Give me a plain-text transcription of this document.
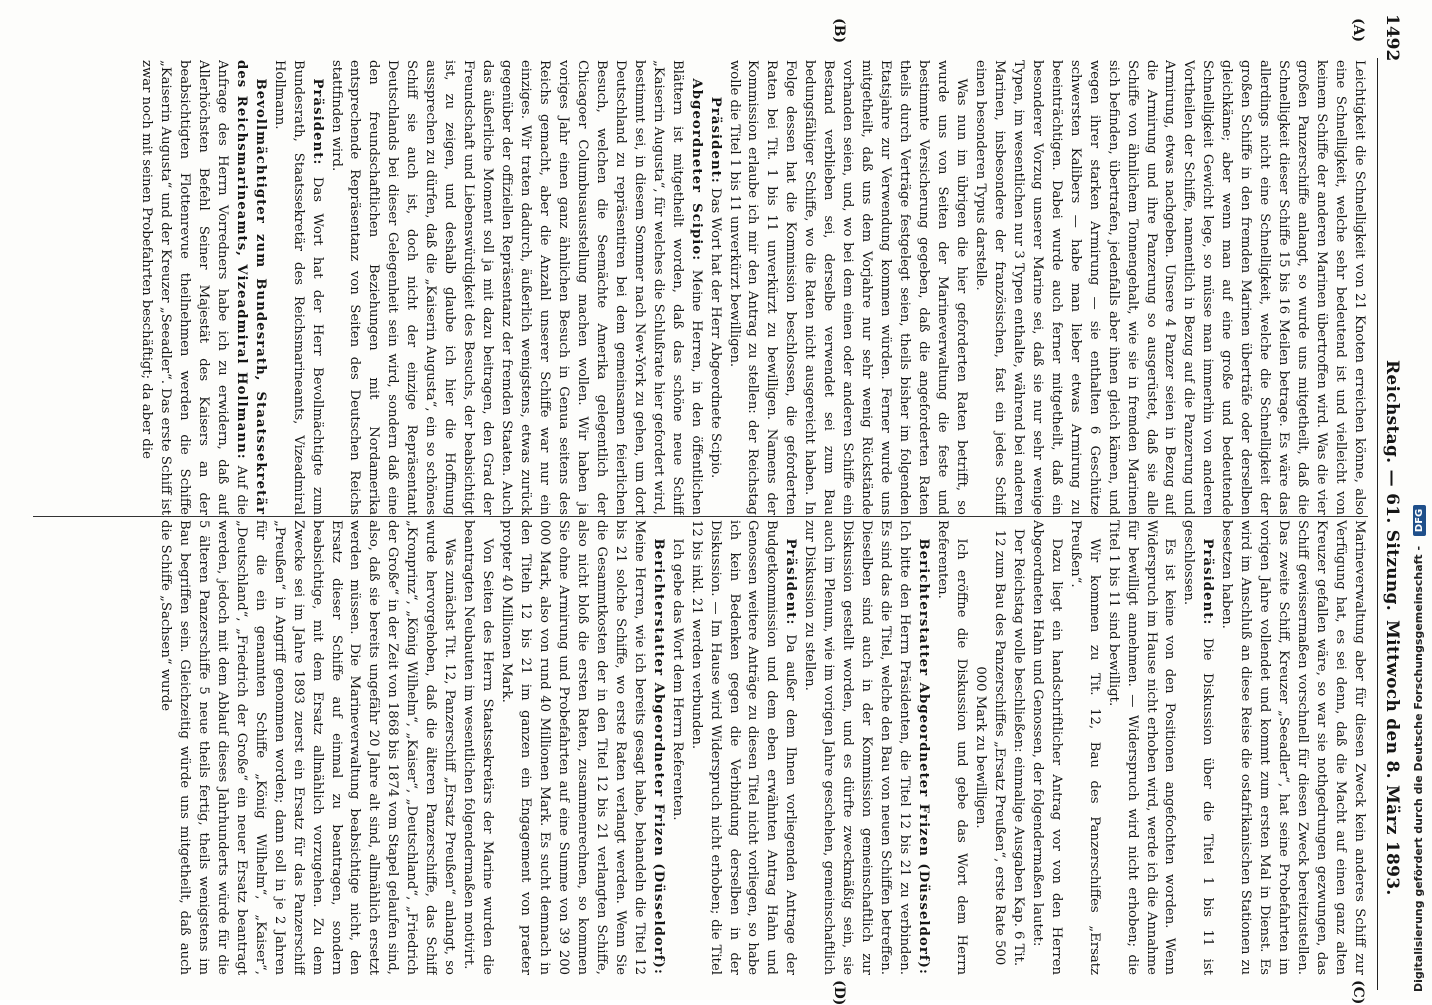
1492
Reichstag. — 61. Sitzung.
Mittwoch den 8. März 1893.
(A)
(B)
(C)
(D)

Leichtigkeit die Schnelligkeit von 21 Knoten erreichen könne, also eine Schnelligkeit, welche sehr bedeutend ist und vielleicht von keinem Schiffe der anderen Marinen übertroffen wird. Was die vier großen Panzerschiffe anlangt, so wurde uns mitgetheilt, daß die Schnelligkeit dieser Schiffe 15 bis 16 Meilen betrage. Es wäre das allerdings nicht eine Schnelligkeit, welche die Schnelligkeit der großen Schiffe in den fremden Marinen überträfe oder derselben gleichkäme; aber wenn man auf eine große und bedeutende Schnelligkeit Gewicht lege, so müsse man immerhin von anderen Vortheilen der Schiffe, namentlich in Bezug auf die Panzerung und Armirung, etwas nachgeben. Unsere 4 Panzer seien in Bezug auf die Armirung und ihre Panzerung so ausgerüstet, daß sie alle Schiffe von ähnlichem Tonnengehalt, wie sie in fremden Marinen sich befinden, übertrafen, jedenfalls aber ihnen gleich kämen, und wegen ihrer starken Armirung — sie enthalten 6 Geschütze schwersten Kalibers — habe man lieber etwas Armirung zu beeinträchtigen. Dabei wurde auch ferner mitgetheilt, daß ein besonderer Vorzug unserer Marine sei, daß sie nur sehr wenige Typen, im wesentlichen nur 3 Typen enthalte, während bei anderen Marinen, insbesondere der französischen, fast ein jedes Schiff einen besonderen Typus darstelle.

Was nun im übrigen die hier geforderten Raten betrifft, so wurde uns von Seiten der Marineverwaltung die feste und bestimmte Versicherung gegeben, daß die angeforderten Raten theils durch Verträge festgelegt seien, theils bisher im folgenden Etatsjahre zur Verwendung kommen würden. Ferner wurde uns mitgetheilt, daß uns dem Vorjahre nur sehr wenig Rückstände vorhanden seien, und, wo bei dem einen oder anderen Schiffe ein Bestand verblieben sei, derselbe verwendet sei zum Bau bedungsfähiger Schiffe, wo die Raten nicht ausgereicht haben. In Folge dessen hat die Kommission beschlossen, die geforderten Raten bei Tit. 1 bis 11 unverkürzt zu bewilligen. Namens der Kommission erlaube ich mir den Antrag zu stellen: der Reichstag wolle die Titel 1 bis 11 unverkürzt bewilligen.

Präsident: Das Wort hat der Herr Abgeordnete Scipio.

Abgeordneter Scipio: Meine Herren, in den öffentlichen Blättern ist mitgetheilt worden, daß das schöne neue Schiff „Kaiserin Augusta“, für welches die Schlußrate hier gefordert wird, bestimmt sei, in diesem Sommer nach New-York zu gehen, um dort Deutschland zu repräsentiren bei dem gemeinsamen feierlichen Besuch, welchen die Seemächte Amerika gelegentlich der Chicagoer Columbusausstellung machen wollen. Wir haben ja voriges Jahr einen ganz ähnlichen Besuch in Genua seitens des Reichs gemacht, aber die Anzahl unserer Schiffe war nur ein einziges. Wir traten dadurch, äußerlich wenigstens, etwas zurück gegenüber der offiziellen Repräsentanz der fremden Staaten. Auch das äußerliche Moment soll ja mit dazu beitragen, den Grad der Freundschaft und Liebenswürdigkeit des Besuchs, der beabsichtigt ist, zu zeigen, und deshalb glaube ich hier die Hoffnung aussprechen zu dürfen, daß die „Kaiserin Augusta“, ein so schönes Schiff sie auch ist, doch nicht der einzige Repräsentant Deutschlands bei dieser Gelegenheit sein wird, sondern daß eine den freundschaftlichen Beziehungen mit Nordamerika entsprechende Repräsentanz von Seiten des Deutschen Reichs stattfinden wird.

Präsident: Das Wort hat der Herr Bevollmächtigte zum Bundesrath, Staatssekretär des Reichsmarineamts, Vizeadmiral Hollmann.

Bevollmächtigter zum Bundesrath, Staatssekretär des Reichsmarineamts, Vizeadmiral Hollmann: Auf die Anfrage des Herrn Vorredners habe ich zu erwidern, daß auf Allerhöchsten Befehl Seiner Majestät des Kaisers an der beabsichtigten Flottenrevue theilnehmen werden die Schiffe „Kaiserin Augusta“ und der Kreuzer „Seeadler“. Das erste Schiff ist zwar noch mit seinen Probefahrten beschäftigt; da aber die

Marineverwaltung aber für diesen Zweck kein anderes Schiff zur Verfügung hat, es sei denn, daß die Macht auf einen ganz alten Kreuzer gefallen wäre, so war sie nothgedrungen gezwungen, das Schiff gewissermaßen vorschnell für diesen Zweck bereitzustellen. Das zweite Schiff, Kreuzer „Seeadler“, hat seine Probefahrten im vorigen Jahre vollendet und kommt zum ersten Mal in Dienst. Es wird im Anschluß an diese Reise die ostafrikanischen Stationen zu besetzen haben.

Präsident: Die Diskussion über die Titel 1 bis 11 ist geschlossen.

Es ist keine von den Positionen angefochten worden. Wenn Widerspruch im Hause nicht erhoben wird, werde ich die Annahme für bewilligt annehmen. — Widerspruch wird nicht erhoben; die Titel 1 bis 11 sind bewilligt.

Wir kommen zu Tit. 12, Bau des Panzerschiffes „Ersatz Preußen“.

Dazu liegt ein handschriftlicher Antrag vor von den Herren Abgeordneten Hahn und Genossen, der folgendermaßen lautet:

Der Reichstag wolle beschließen: einmalige Ausgaben Kap. 6 Tit. 12 zum Bau des Panzerschiffes „Ersatz Preußen“, erste Rate 500 000 Mark zu bewilligen.

Ich eröffne die Diskussion und gebe das Wort dem Herrn Referenten.

Berichterstatter Abgeordneter Frizen (Düsseldorf): Ich bitte den Herrn Präsidenten, die Titel 12 bis 21 zu verbinden. Es sind das die Titel, welche den Bau von neuen Schiffen betreffen. Dieselben sind auch in der Kommission gemeinschaftlich zur Diskussion gestellt worden, und es dürfte zweckmäßig sein, sie auch im Plenum, wie im vorigen Jahre geschehen, gemeinschaftlich zur Diskussion zu stellen.

Präsident: Da außer dem Ihnen vorliegenden Antrage der Budgetkommission und dem eben erwähnten Antrag Hahn und Genossen weitere Anträge zu diesen Titel nicht vorliegen, so habe ich kein Bedenken gegen die Verbindung derselben in der Diskussion. — Im Hause wird Widerspruch nicht erhoben; die Titel 12 bis inkl. 21 werden verbunden.

Ich gebe das Wort dem Herrn Referenten.

Berichterstatter Abgeordneter Frizen (Düsseldorf): Meine Herren, wie ich bereits gesagt habe, behandeln die Titel 12 bis 21 solche Schiffe, wo erste Raten verlangt werden. Wenn Sie die Gesammtkosten der in den Titel 12 bis 21 verlangten Schiffe, also nicht bloß die ersten Raten, zusammenrechnen, so kommen Sie ohne Armirung und Probefahrten auf eine Summe von 39 200 000 Mark, also von rund 40 Millionen Mark. Es sucht demnach in den Titeln 12 bis 21 im ganzen ein Engagement von praeter propter 40 Millionen Mark.

Von Seiten des Herrn Staatssekretärs der Marine wurden die beantragten Neubauten im wesentlichen folgendermaßen motivirt.

Was zunächst Tit. 12, Panzerschiff „Ersatz Preußen“ anlangt, so wurde hervorgehoben, daß die älteren Panzerschiffe, das Schiff „Kronprinz“, „König Wilhelm“, „Kaiser“, „Deutschland“, „Friedrich der Große“ in der Zeit von 1868 bis 1874 vom Stapel gelaufen sind, also, daß sie bereits ungefähr 20 Jahre alt sind, allmählich ersetzt werden müssen. Die Marineverwaltung beabsichtige nicht, den Ersatz dieser Schiffe auf einmal zu beantragen, sondern beabsichtige, mit dem Ersatz allmählich vorzugehen. Zu dem Zwecke sei im Jahre 1893 zuerst ein Ersatz für das Panzerschiff „Preußen“ in Angriff genommen worden; dann soll in je 2 Jahren für die ein genannten Schiffe „König Wilhelm“, „Kaiser“, „Deutschland“, „Friedrich der Große“ ein neuer Ersatz beantragt werden, jedoch mit dem Ablauf dieses Jahrhunderts würde für die 5 älteren Panzerschiffe 5 neue theils fertig, theils wenigstens im Bau begriffen sein. Gleichzeitig würde uns mitgetheilt, daß auch die Schiffe „Sachsen“ wurde	Digitalisierung gefördert durch die Deutsche Forschungsgemeinschaft - DFG
